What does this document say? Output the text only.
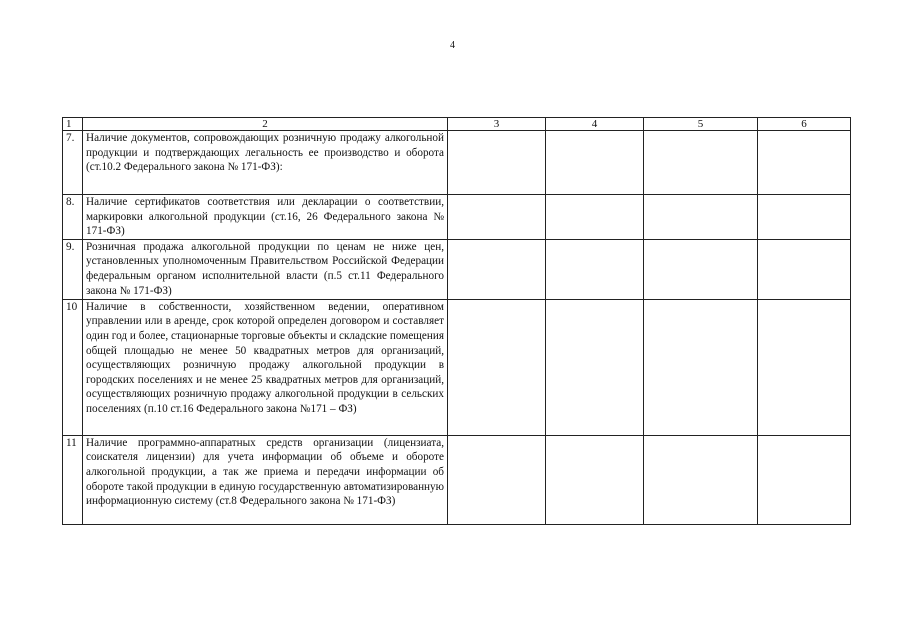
4
1	2	3	4	5	6
7.	Наличие документов, сопровождающих розничную продажу алкогольной продукции и подтверждающих легальность ее производство и оборота (ст.10.2 Федерального закона № 171-ФЗ):				
8.	Наличие сертификатов соответствия или декларации о соответствии, маркировки алкогольной продукции (ст.16, 26 Федерального закона № 171-ФЗ)				
9.	Розничная продажа алкогольной продукции по ценам не ниже цен, установленных уполномоченным Правительством Российской Федерации федеральным органом исполнительной власти (п.5 ст.11 Федерального закона № 171-ФЗ)				
10	Наличие в собственности, хозяйственном ведении, оперативном управлении или в аренде, срок которой определен договором и составляет один год и более, стационарные торговые объекты и складские помещения общей площадью не менее 50 квадратных метров для организаций, осуществляющих розничную продажу алкогольной продукции в городских поселениях и не менее 25 квадратных метров для организаций, осуществляющих розничную продажу алкогольной продукции в сельских поселениях (п.10 ст.16 Федерального закона №171 – ФЗ)				
11	Наличие программно-аппаратных средств организации (лицензиата, соискателя лицензии) для учета информации об объеме и обороте алкогольной продукции, а так же приема и передачи информации об обороте такой продукции в единую государственную автоматизированную информационную систему (ст.8 Федерального закона № 171-ФЗ)				
